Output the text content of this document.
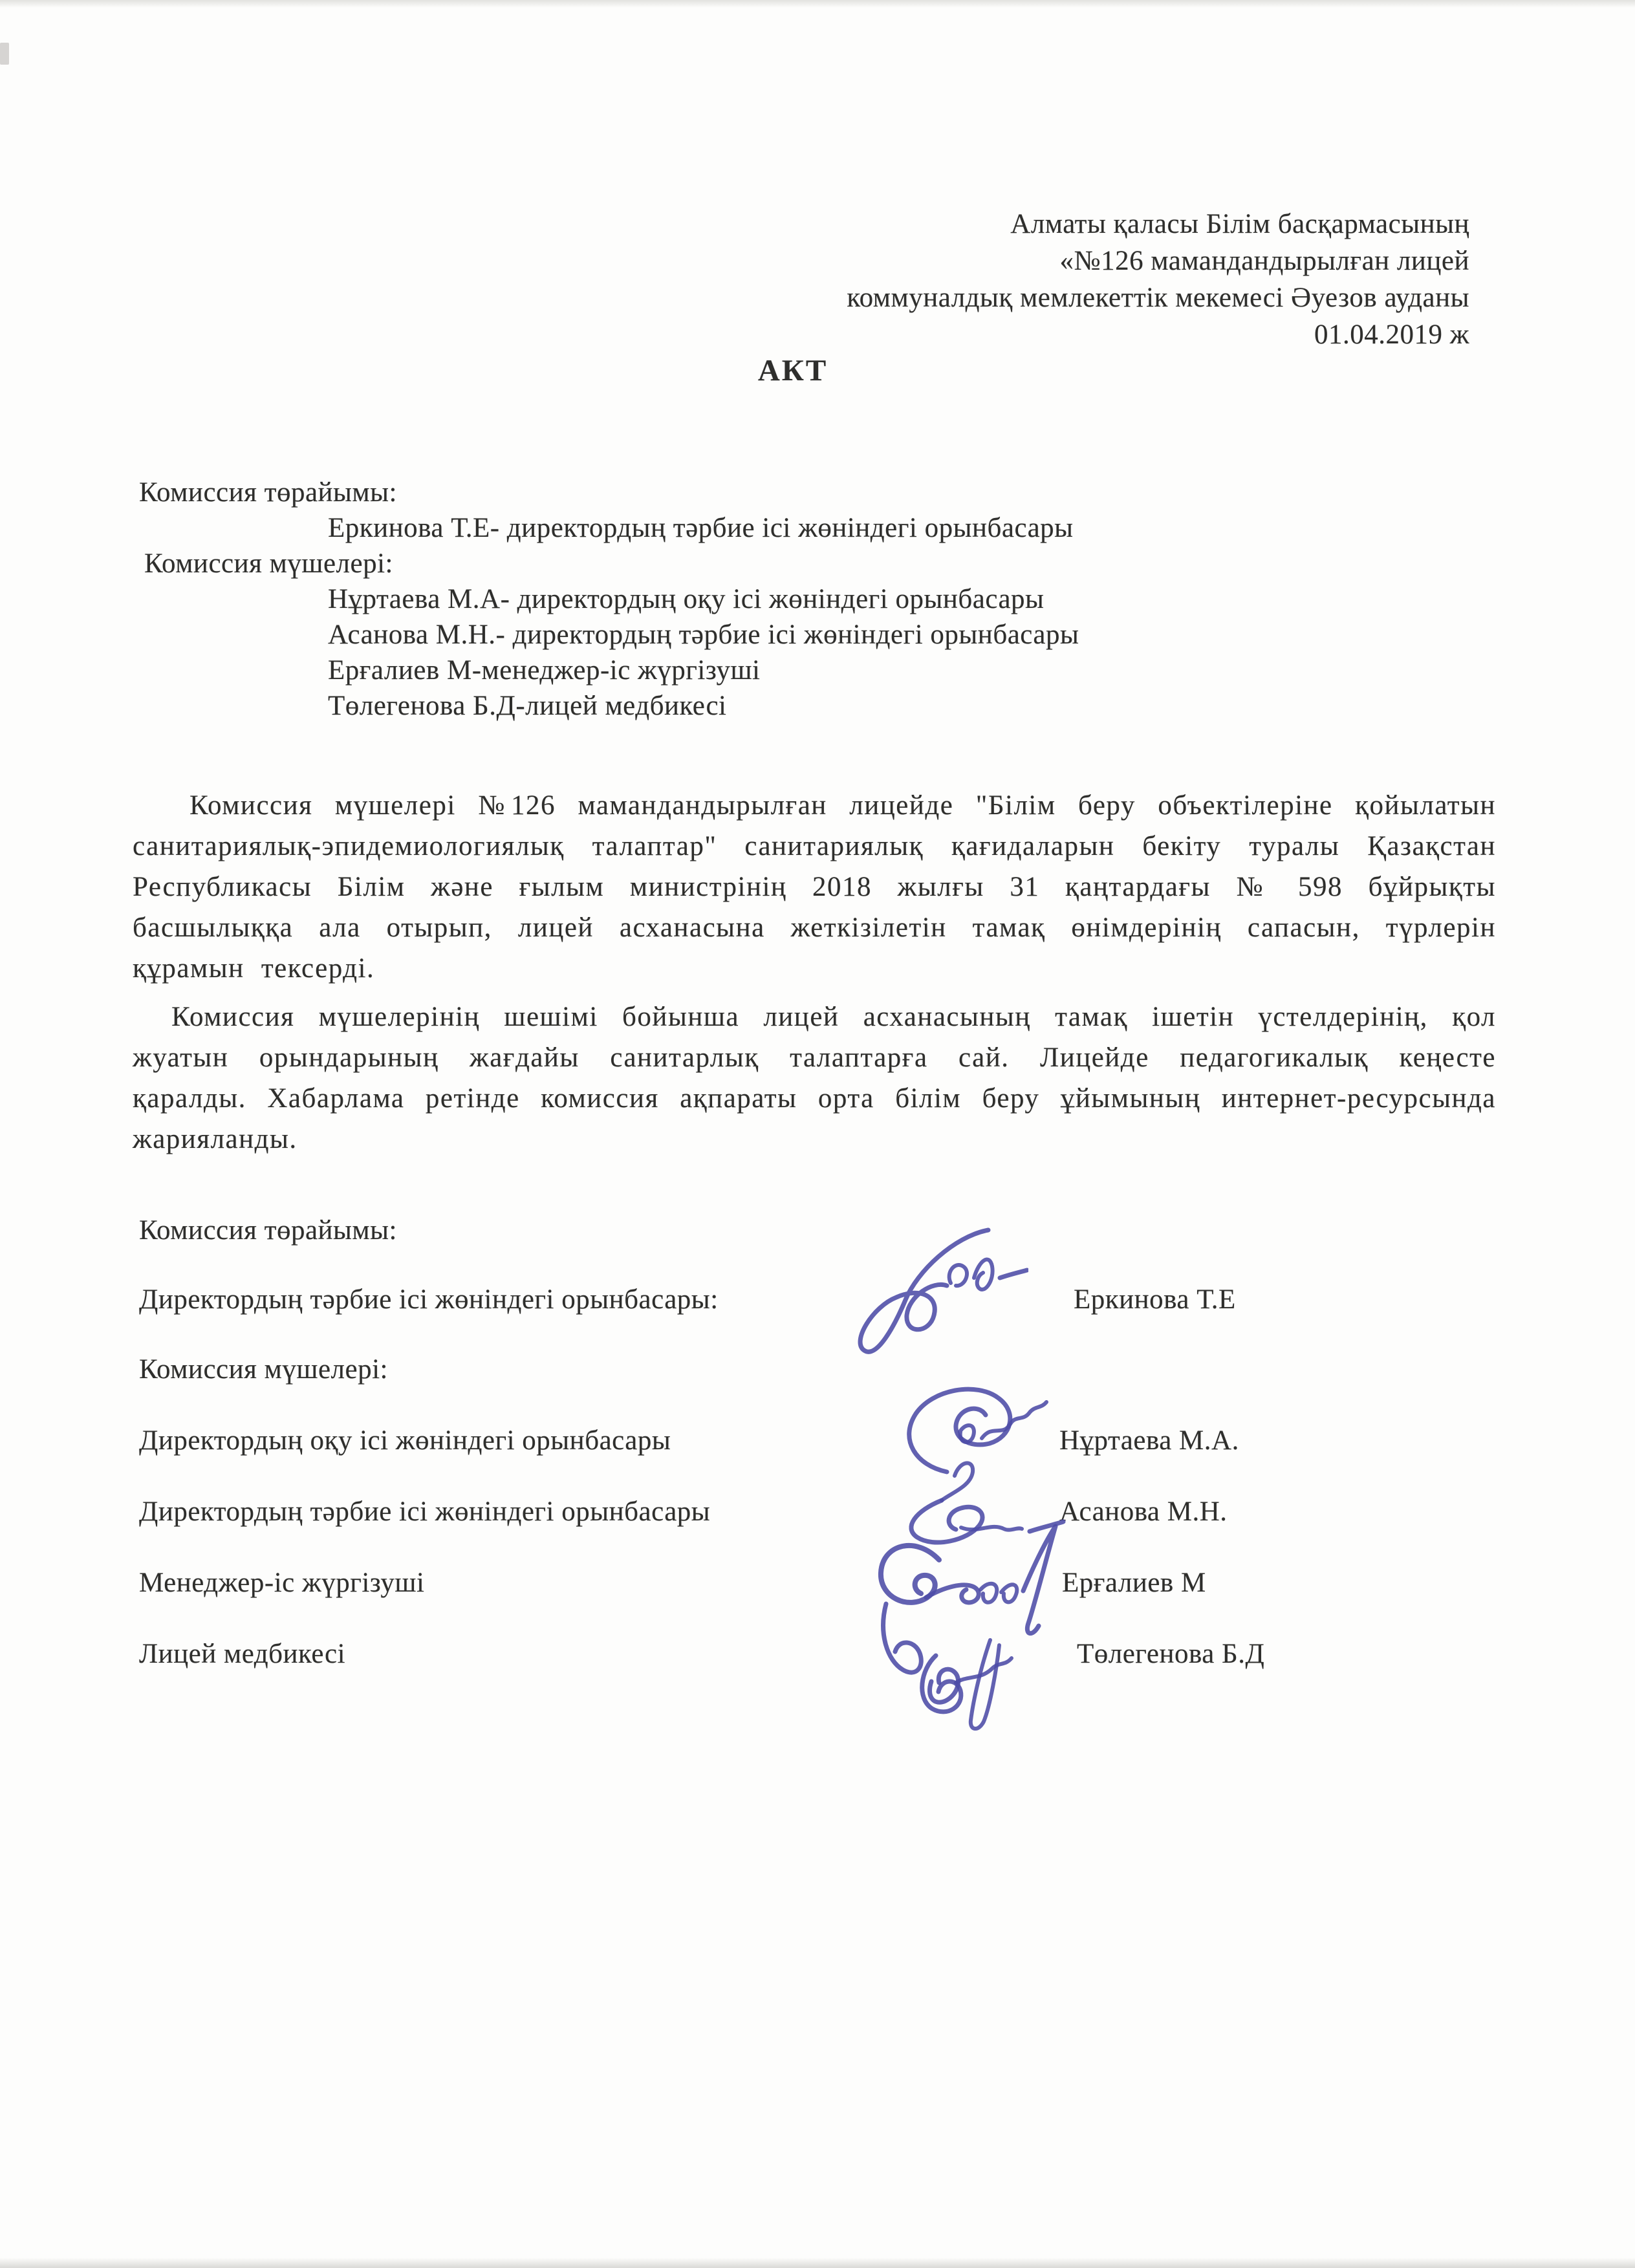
Алматы қаласы Білім басқармасының
«№126 мамандандырылған лицей
коммуналдық мемлекеттік мекемесі Әуезов ауданы
01.04.2019 ж
АКТ
Комиссия төрайымы:
Еркинова Т.Е- директордың тәрбие ісі жөніндегі орынбасары
Комиссия мүшелері:
Нұртаева М.А- директордың оқу ісі жөніндегі орынбасары
Асанова М.Н.- директордың тәрбие ісі жөніндегі орынбасары
Ерғалиев М-менеджер-іс жүргізуші
Төлегенова Б.Д-лицей медбикесі

Комиссия мүшелері №126 мамандандырылған лицейде "Білім беру объектілеріне қойылатын санитариялық-эпидемиологиялық талаптар" санитариялық қағидаларын бекіту туралы Қазақстан Республикасы Білім және ғылым министрінің 2018 жылғы 31 қаңтардағы № 598 бұйрықты басшылыққа ала отырып, лицей асханасына жеткізілетін тамақ өнімдерінің сапасын, түрлерін құрамын тексерді.

Комиссия мүшелерінің шешімі бойынша лицей асханасының тамақ ішетін үстелдерінің, қол жуатын орындарының жағдайы санитарлық талаптарға сай. Лицейде педагогикалық кеңесте қаралды. Хабарлама ретінде комиссия ақпараты орта білім беру ұйымының интернет-ресурсында жарияланды.

Комиссия төрайымы:
Директордың тәрбие ісі жөніндегі орынбасары:	Еркинова Т.Е
Комиссия мүшелері:
Директордың оқу ісі жөніндегі орынбасары	Нұртаева М.А.
Директордың тәрбие ісі жөніндегі орынбасары	Асанова М.Н.
Менеджер-іс жүргізуші	Ерғалиев М
Лицей медбикесі	Төлегенова Б.Д
